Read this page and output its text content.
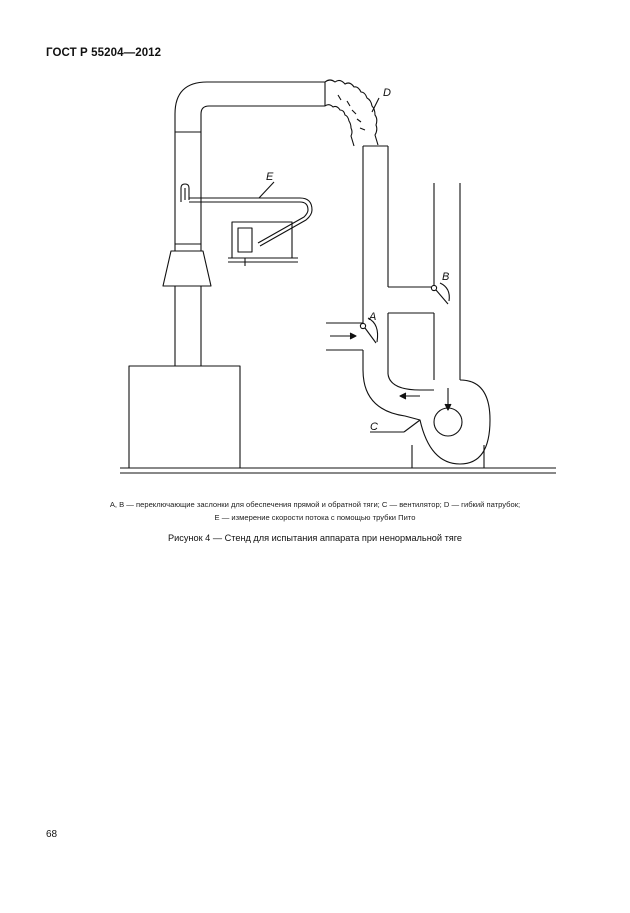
ГОСТ Р 55204—2012
D
E
B
A
C
A, B — переключающие заслонки для обеспечения прямой и обратной тяги; C — вентилятор; D — гибкий патрубок;
E — измерение скорости потока с помощью трубки Пито
Рисунок 4 — Стенд для испытания аппарата при ненормальной тяге
68
